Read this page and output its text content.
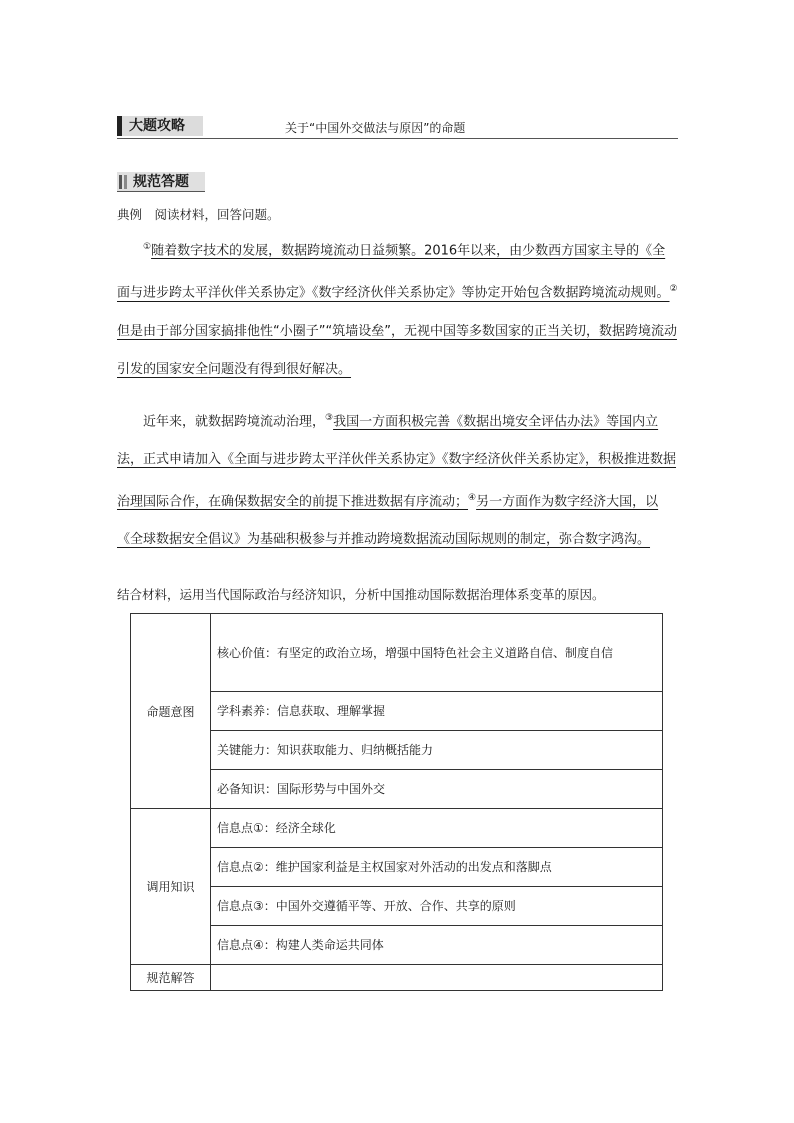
大题攻略	关于“中国外交做法与原因”的命题
规范答题
典例　阅读材料，回答问题。

①随着数字技术的发展，数据跨境流动日益频繁。2016年以来，由少数西方国家主导的《全面与进步跨太平洋伙伴关系协定》《数字经济伙伴关系协定》等协定开始包含数据跨境流动规则。②但是由于部分国家搞排他性“小圈子”“筑墙设垒”，无视中国等多数国家的正当关切，数据跨境流动引发的国家安全问题没有得到很好解决。

近年来，就数据跨境流动治理，③我国一方面积极完善《数据出境安全评估办法》等国内立法，正式申请加入《全面与进步跨太平洋伙伴关系协定》《数字经济伙伴关系协定》，积极推进数据治理国际合作，在确保数据安全的前提下推进数据有序流动；④另一方面作为数字经济大国，以《全球数据安全倡议》为基础积极参与并推动跨境数据流动国际规则的制定，弥合数字鸿沟。

结合材料，运用当代国际政治与经济知识，分析中国推动国际数据治理体系变革的原因。
命题意图	核心价值：有坚定的政治立场，增强中国特色社会主义道路自信、制度自信
	学科素养：信息获取、理解掌握
	关键能力：知识获取能力、归纳概括能力
	必备知识：国际形势与中国外交
调用知识	信息点①：经济全球化
	信息点②：维护国家利益是主权国家对外活动的出发点和落脚点
	信息点③：中国外交遵循平等、开放、合作、共享的原则
	信息点④：构建人类命运共同体
规范解答	
